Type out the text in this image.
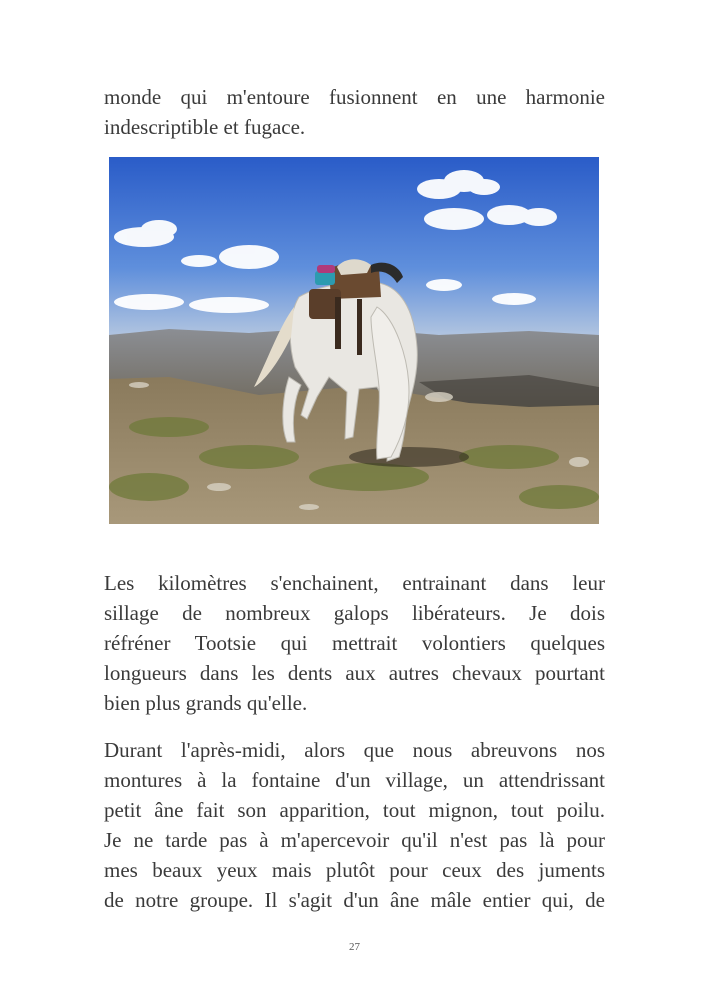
monde qui m'entoure fusionnent en une harmonie
indescriptible et fugace.

Les kilomètres s'enchainent, entrainant dans leur
sillage de nombreux galops libérateurs. Je dois
réfréner Tootsie qui mettrait volontiers quelques
longueurs dans les dents aux autres chevaux pourtant
bien plus grands qu'elle.

Durant l'après-midi, alors que nous abreuvons nos
montures à la fontaine d'un village, un attendrissant
petit âne fait son apparition, tout mignon, tout poilu.
Je ne tarde pas à m'apercevoir qu'il n'est pas là pour
mes beaux yeux mais plutôt pour ceux des juments
de notre groupe. Il s'agit d'un âne mâle entier qui, de

27
